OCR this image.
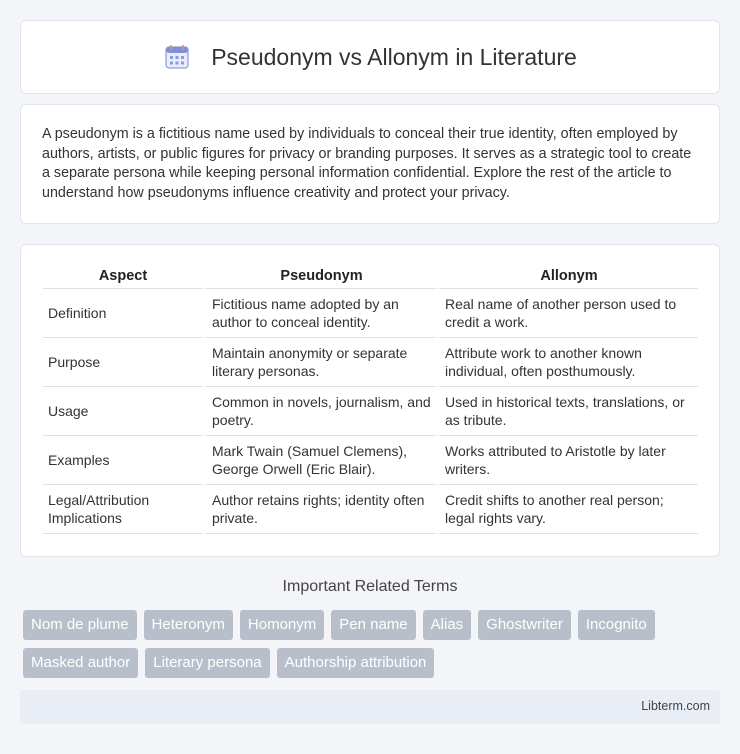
Pseudonym vs Allonym in Literature

A pseudonym is a fictitious name used by individuals to conceal their true identity, often employed by authors, artists, or public figures for privacy or branding purposes. It serves as a strategic tool to create a separate persona while keeping personal information confidential. Explore the rest of the article to understand how pseudonyms influence creativity and protect your privacy.

Aspect	Pseudonym	Allonym
Definition	Fictitious name adopted by an author to conceal identity.	Real name of another person used to credit a work.
Purpose	Maintain anonymity or separate literary personas.	Attribute work to another known individual, often posthumously.
Usage	Common in novels, journalism, and poetry.	Used in historical texts, translations, or as tribute.
Examples	Mark Twain (Samuel Clemens), George Orwell (Eric Blair).	Works attributed to Aristotle by later writers.
Legal/Attribution Implications	Author retains rights; identity often private.	Credit shifts to another real person; legal rights vary.
Important Related Terms
Nom de plume	Heteronym	Homonym	Pen name	Alias	Ghostwriter	Incognito
Masked author	Literary persona	Authorship attribution
Libterm.com
